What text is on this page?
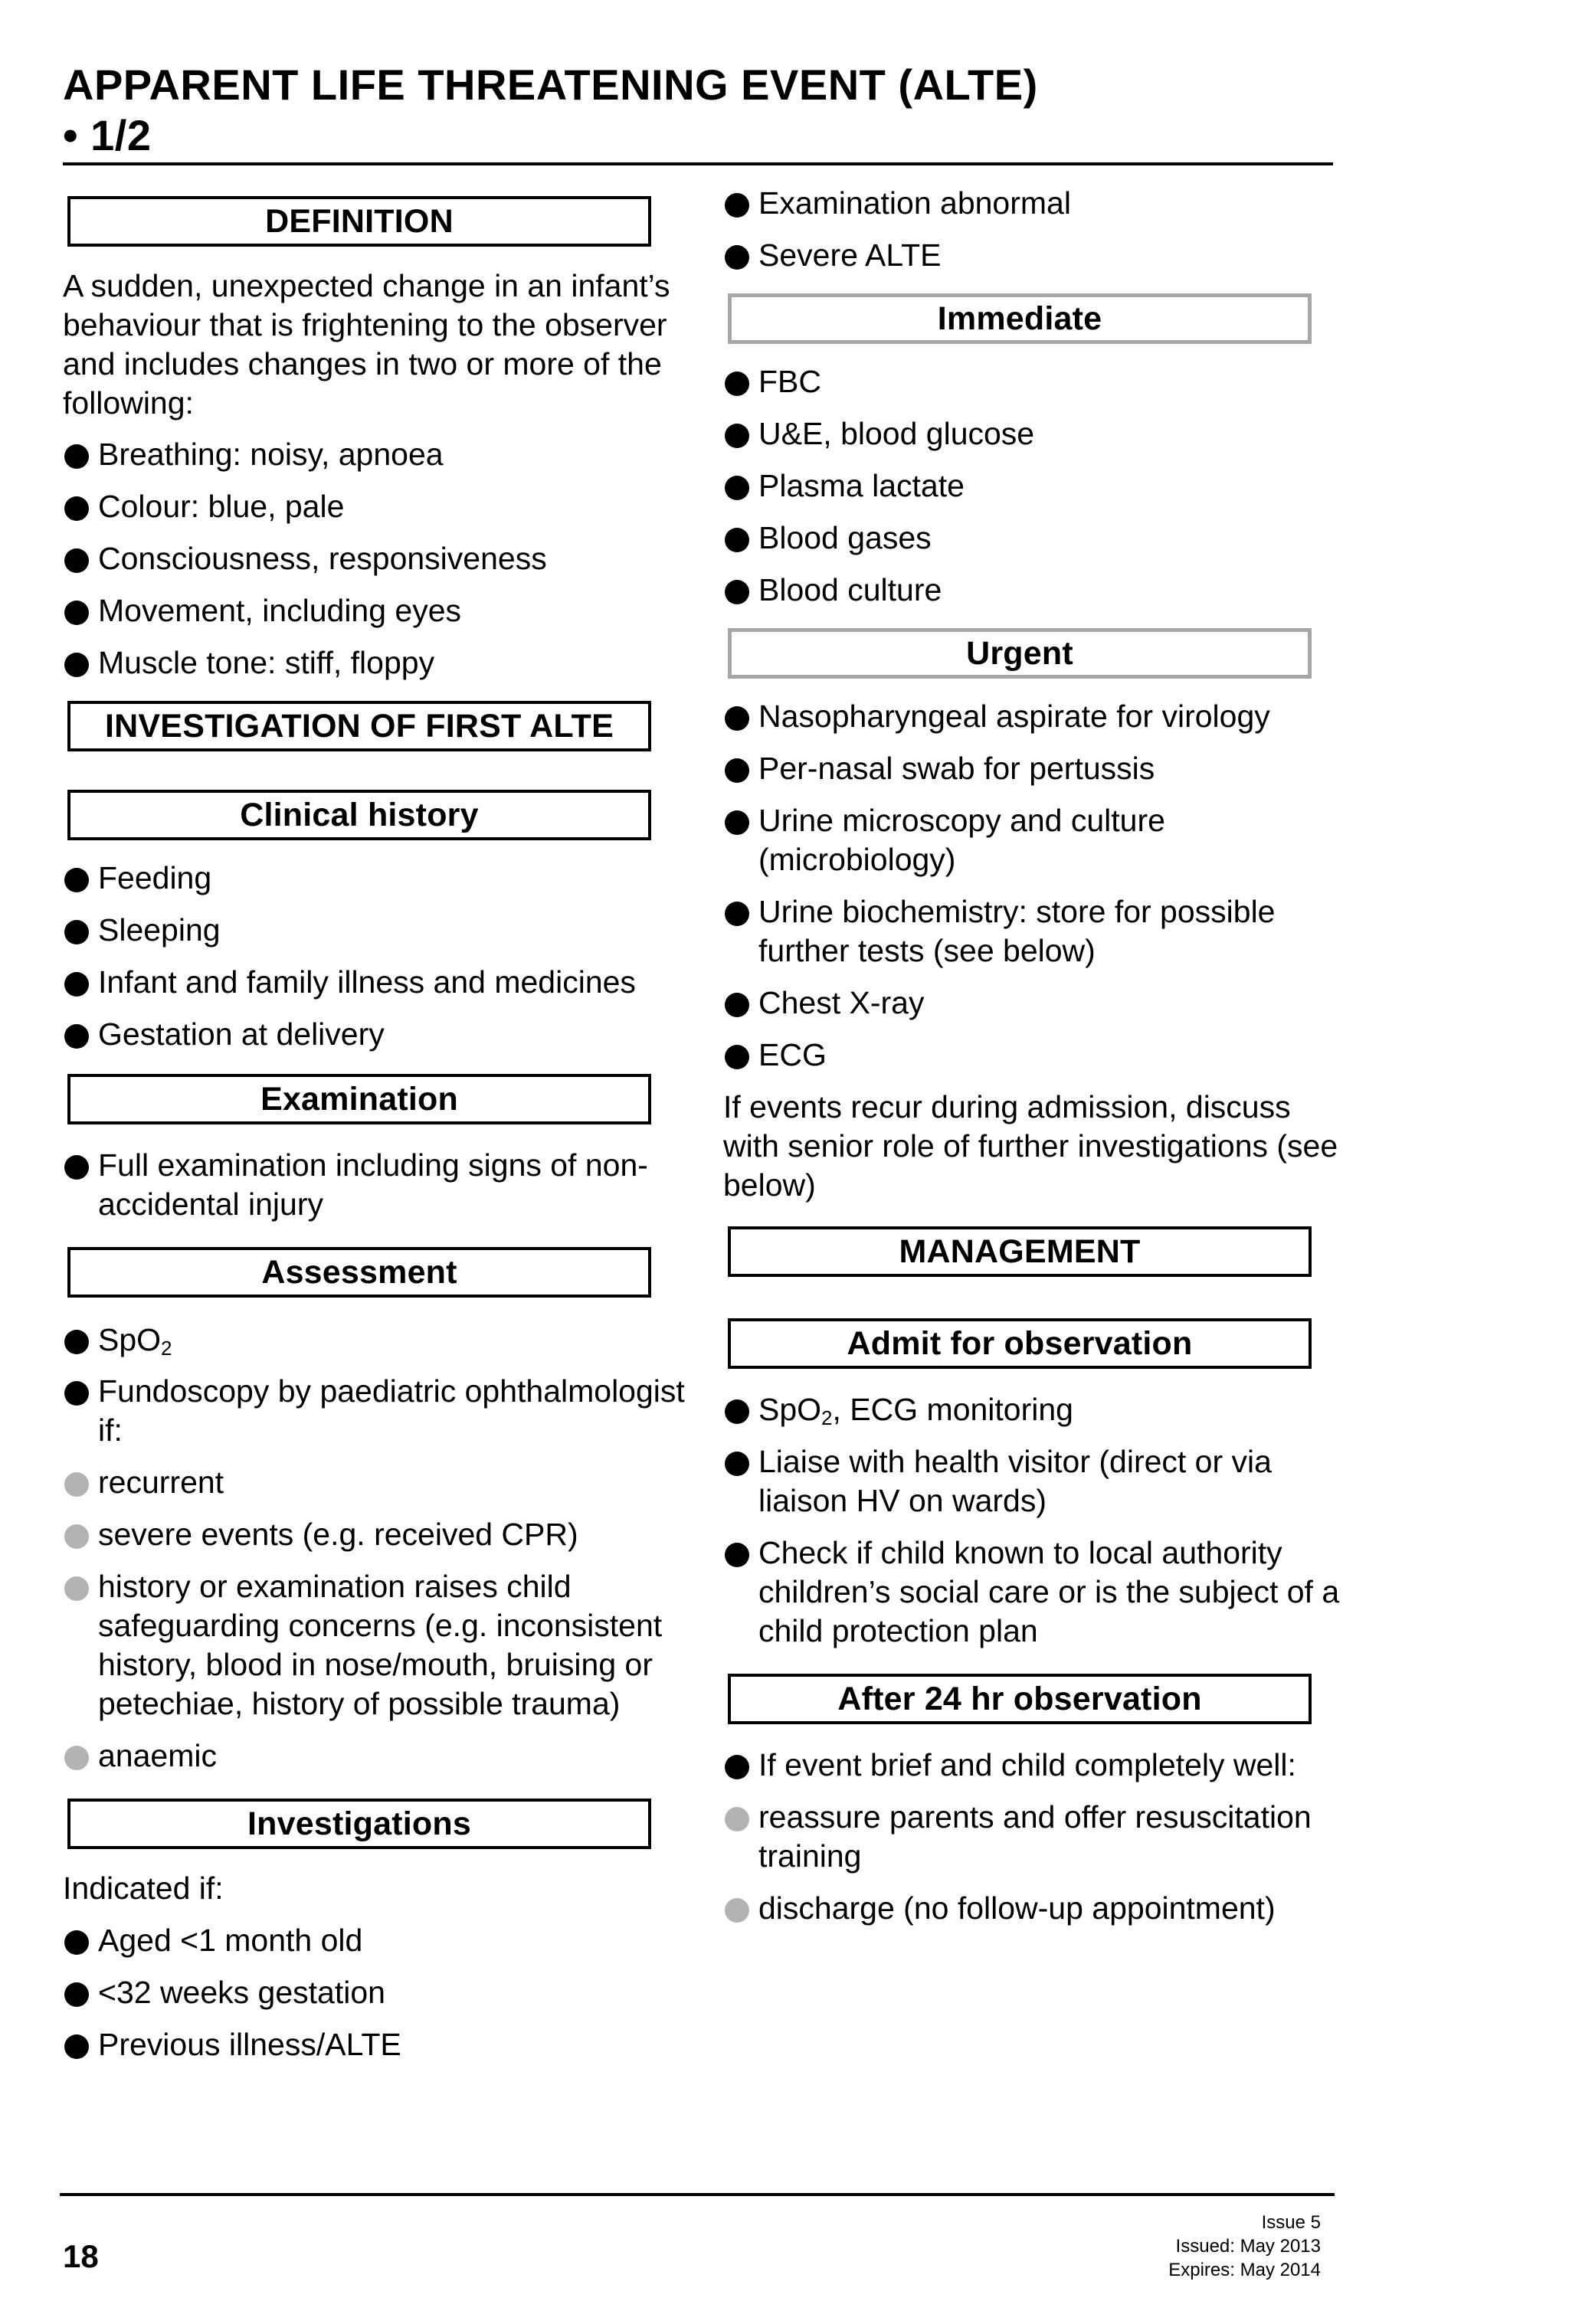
APPARENT LIFE THREATENING EVENT (ALTE)
• 1/2
DEFINITION

A sudden, unexpected change in an infant’s behaviour that is frightening to the observer and includes changes in two or more of the following:

Breathing: noisy, apnoea
Colour: blue, pale
Consciousness, responsiveness
Movement, including eyes
Muscle tone: stiff, floppy
INVESTIGATION OF FIRST ALTE
Clinical history
Feeding
Sleeping
Infant and family illness and medicines
Gestation at delivery
Examination
Full examination including signs of non-accidental injury
Assessment
SpO$_2$
Fundoscopy by paediatric ophthalmologist if:
recurrent
severe events (e.g. received CPR)
history or examination raises child safeguarding concerns (e.g. inconsistent history, blood in nose/mouth, bruising or petechiae, history of possible trauma)
anaemic
Investigations

Indicated if:

Aged <1 month old
<32 weeks gestation
Previous illness/ALTE
Examination abnormal
Severe ALTE
Immediate
FBC
U&E, blood glucose
Plasma lactate
Blood gases
Blood culture
Urgent
Nasopharyngeal aspirate for virology
Per-nasal swab for pertussis
Urine microscopy and culture (microbiology)
Urine biochemistry: store for possible further tests (see below)
Chest X-ray
ECG

If events recur during admission, discuss with senior role of further investigations (see below)

MANAGEMENT
Admit for observation
SpO$_2$, ECG monitoring
Liaise with health visitor (direct or via liaison HV on wards)
Check if child known to local authority children’s social care or is the subject of a child protection plan
After 24 hr observation
If event brief and child completely well:
reassure parents and offer resuscitation training
discharge (no follow-up appointment)
18
Issue 5
Issued: May 2013
Expires: May 2014
